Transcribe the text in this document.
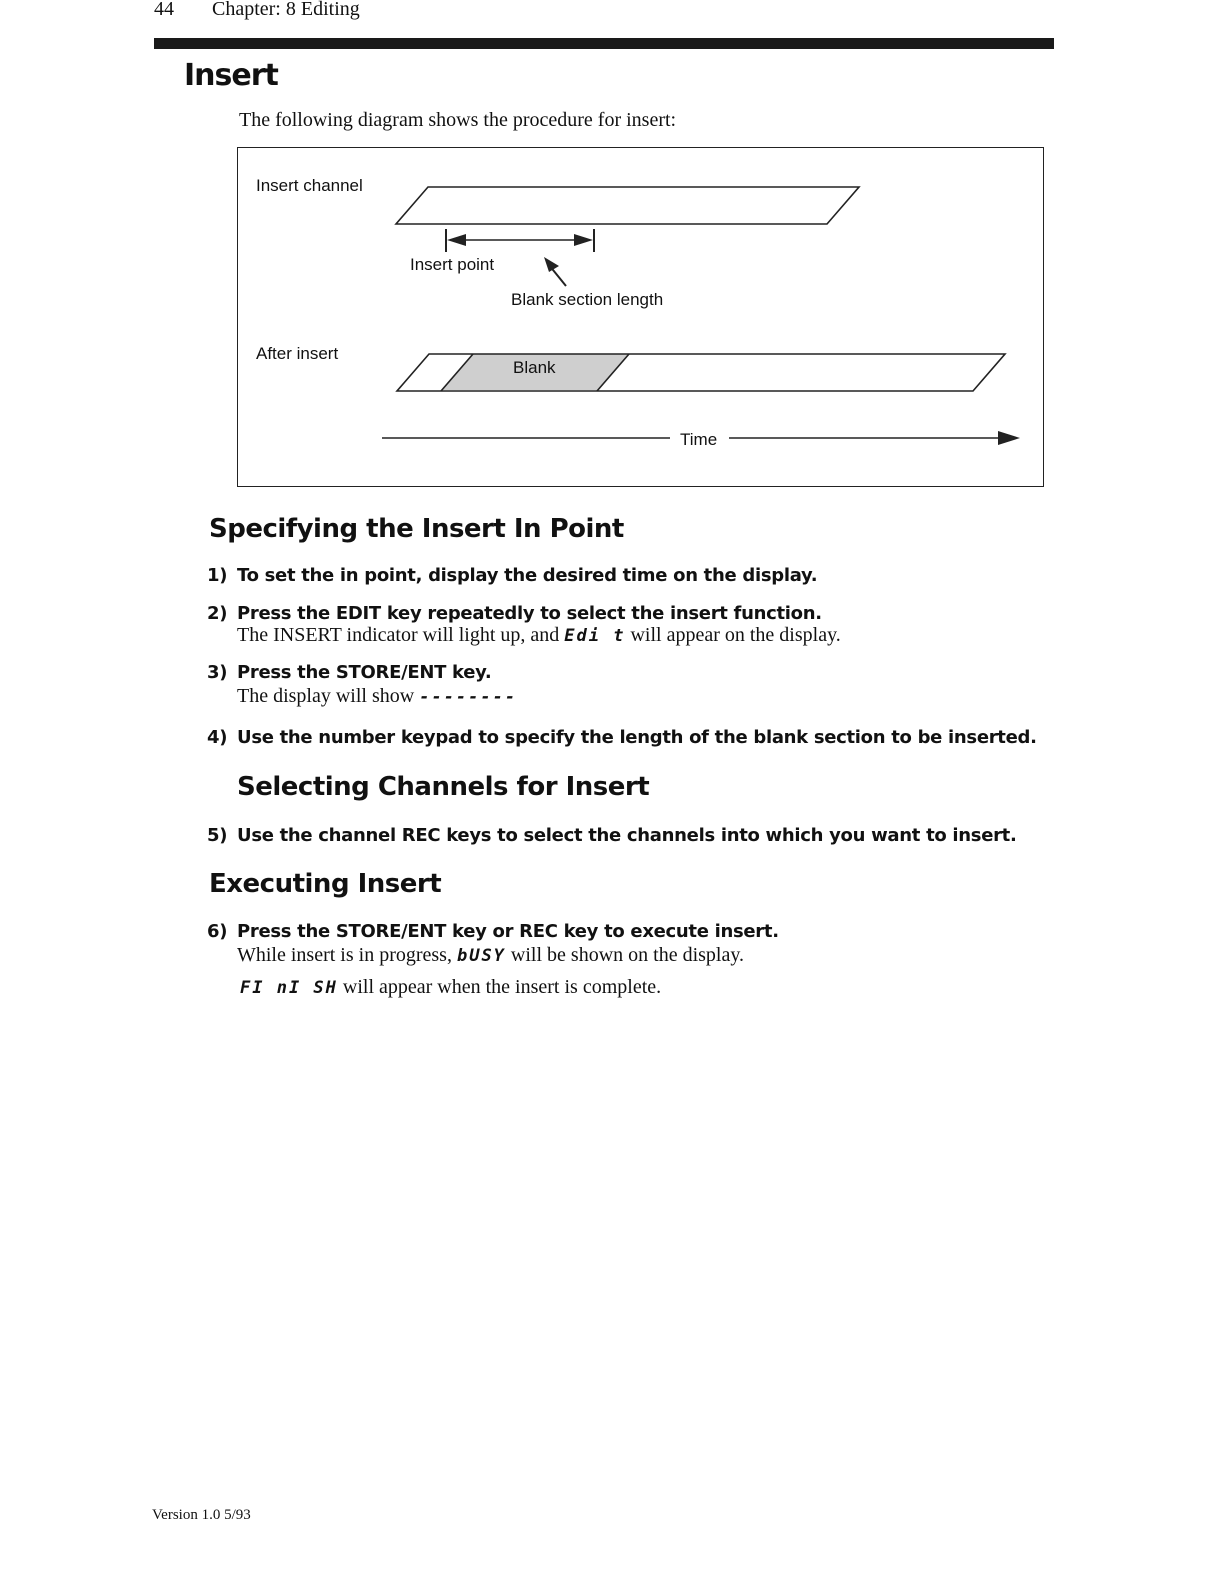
44 Chapter: 8 Editing
Insert
The following diagram shows the procedure for insert:
Insert channel
Insert point
Blank section length
After insert
Blank
Time
Specifying the Insert In Point
1) To set the in point, display the desired time on the display.
2) Press the EDIT key repeatedly to select the insert function.
The INSERT indicator will light up, and Edi t will appear on the display.
3) Press the STORE/ENT key.
The display will show --------
4) Use the number keypad to specify the length of the blank section to be inserted.
Selecting Channels for Insert
5) Use the channel REC keys to select the channels into which you want to insert.
Executing Insert
6) Press the STORE/ENT key or REC key to execute insert.
While insert is in progress, bUSY will be shown on the display.
FI nI SH will appear when the insert is complete.
Version 1.0 5/93
